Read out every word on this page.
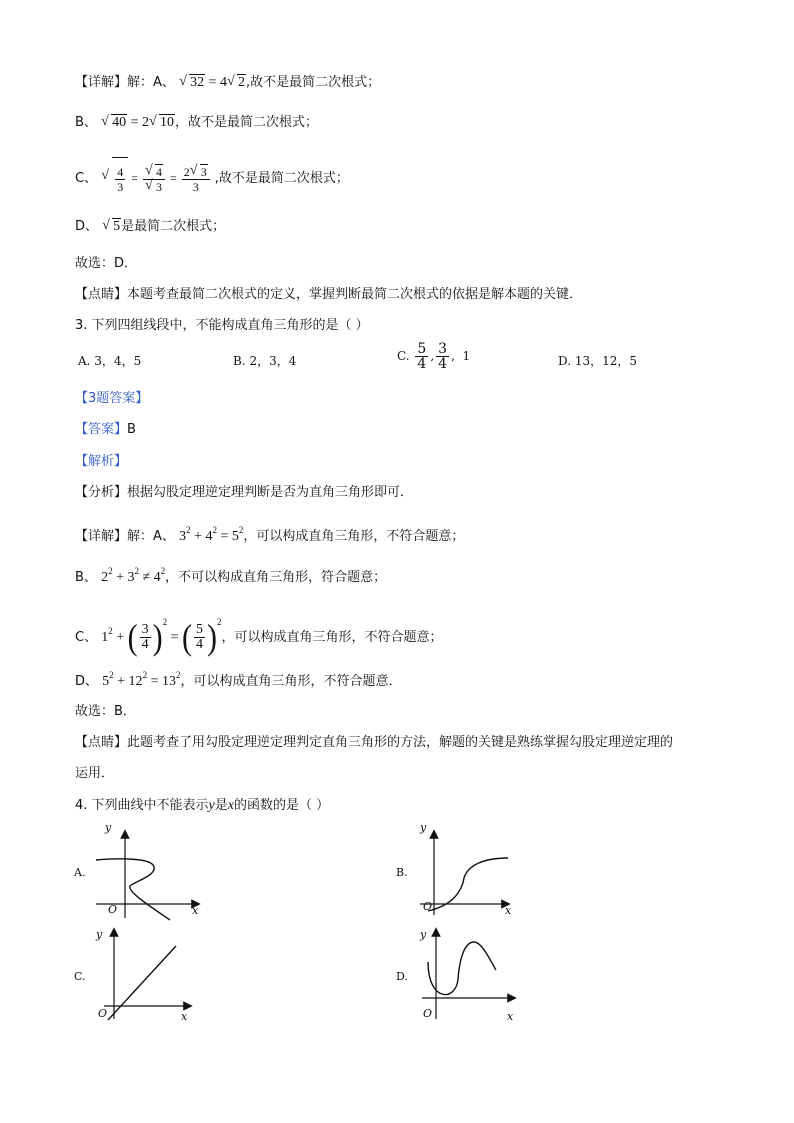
【详解】解：A、 √ 32 = 4 √ 2,故不是最简二次根式；
B、 √ 40 = 2 √ 10，故不是最简二次根式；
C、 √ $\frac{4}{3}$ = √ 4
√ $3 = \frac{2 √ 3}{3}$ ,故不是最简二次根式；
D、 √ 5是最简二次根式；
故选：D．
【点睛】本题考查最简二次根式的定义，掌握判断最简二次根式的依据是解本题的关键．
3. 下列四组线段中，不能构成直角三角形的是（ ）
A. 3，4，5	B. 2，3，4	C. $\frac{5}{4}$ , $\frac{3}{4}$ ,  1	D. 13，12，5
【3题答案】
【答案】B
【解析】
【分析】根据勾股定理逆定理判断是否为直角三角形即可．
【详解】解：A、 $3^2 + 4^2 = 5^2$，可以构成直角三角形，不符合题意；
B、 $2^2 + 3^2 \ne 4^2$，不可以构成直角三角形，符合题意；
C、 $1^2$ + ( $\frac{3}{4} )^2$ = ( $\frac{5}{4} )^2$，可以构成直角三角形，不符合题意；
D、 $5^2 + 12^2 = 13^2$，可以构成直角三角形，不符合题意．
故选：B．
【点睛】此题考查了用勾股定理逆定理判定直角三角形的方法，解题的关键是熟练掌握勾股定理逆定理的
运用．
4. 下列曲线中不能表示y是x的函数的是（ ）
A.
y
O	x
B.
y
O	x
C.
y
O	x
D.
y
O	x
